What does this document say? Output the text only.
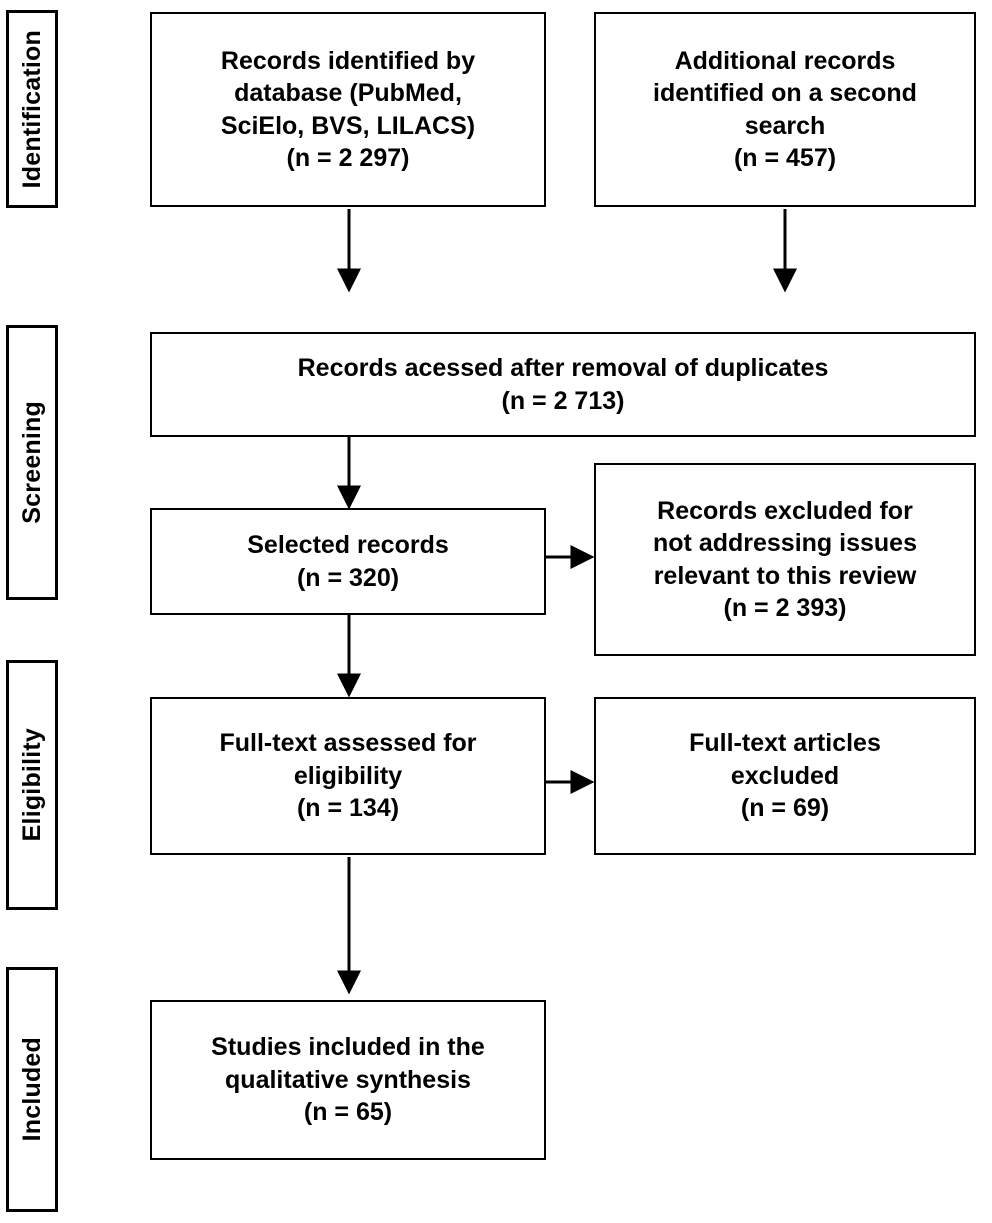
Identification
Screening
Eligibility
Included
Records identified by
database (PubMed,
SciElo, BVS, LILACS)
(n = 2 297)
Additional records
identified on a second
search
(n = 457)
Records acessed after removal of duplicates
(n = 2 713)
Selected records
(n = 320)
Records excluded for
not addressing issues
relevant to this review
(n = 2 393)
Full-text assessed for
eligibility
(n = 134)
Full-text articles
excluded
(n = 69)
Studies included in the
qualitative synthesis
(n = 65)
